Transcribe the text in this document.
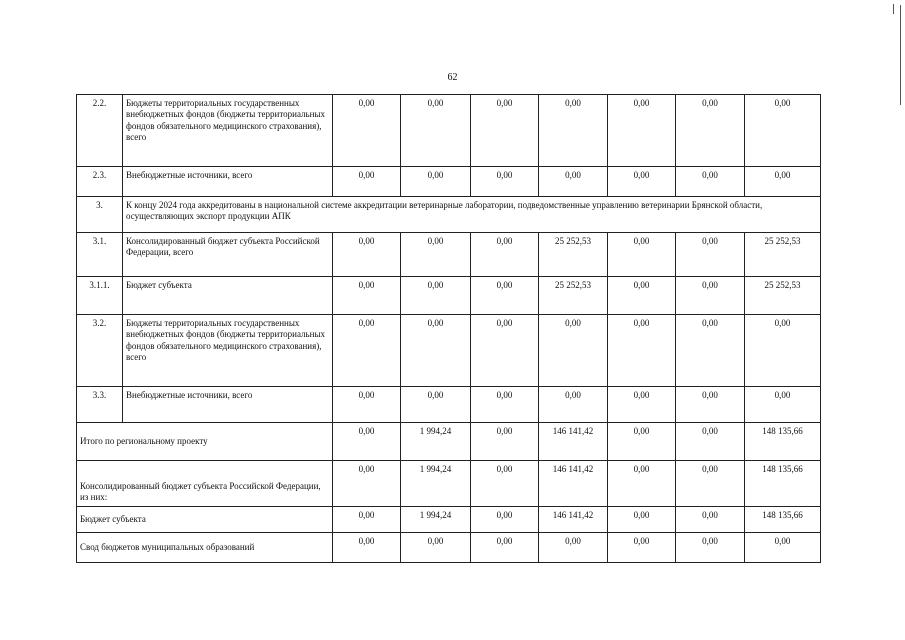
62
2.2.	Бюджеты территориальных государственных внебюджетных фондов (бюджеты территориальных фондов обязательного медицинского страхования), всего	0,00	0,00	0,00	0,00	0,00	0,00	0,00
2.3.	Внебюджетные источники, всего	0,00	0,00	0,00	0,00	0,00	0,00	0,00
3.	К концу 2024 года аккредитованы в национальной системе аккредитации ветеринарные лаборатории, подведомственные управлению ветеринарии Брянской области, осуществляющих экспорт продукции АПК							
3.1.	Консолидированный бюджет субъекта Российской Федерации, всего	0,00	0,00	0,00	25 252,53	0,00	0,00	25 252,53
3.1.1.	Бюджет субъекта	0,00	0,00	0,00	25 252,53	0,00	0,00	25 252,53
3.2.	Бюджеты территориальных государственных внебюджетных фондов (бюджеты территориальных фондов обязательного медицинского страхования), всего	0,00	0,00	0,00	0,00	0,00	0,00	0,00
3.3.	Внебюджетные источники, всего	0,00	0,00	0,00	0,00	0,00	0,00	0,00
Итого по региональному проекту		0,00	1 994,24	0,00	146 141,42	0,00	0,00	148 135,66
Консолидированный бюджет субъекта Российской Федерации, из них:		0,00	1 994,24	0,00	146 141,42	0,00	0,00	148 135,66
Бюджет субъекта		0,00	1 994,24	0,00	146 141,42	0,00	0,00	148 135,66
Свод бюджетов муниципальных образований		0,00	0,00	0,00	0,00	0,00	0,00	0,00
